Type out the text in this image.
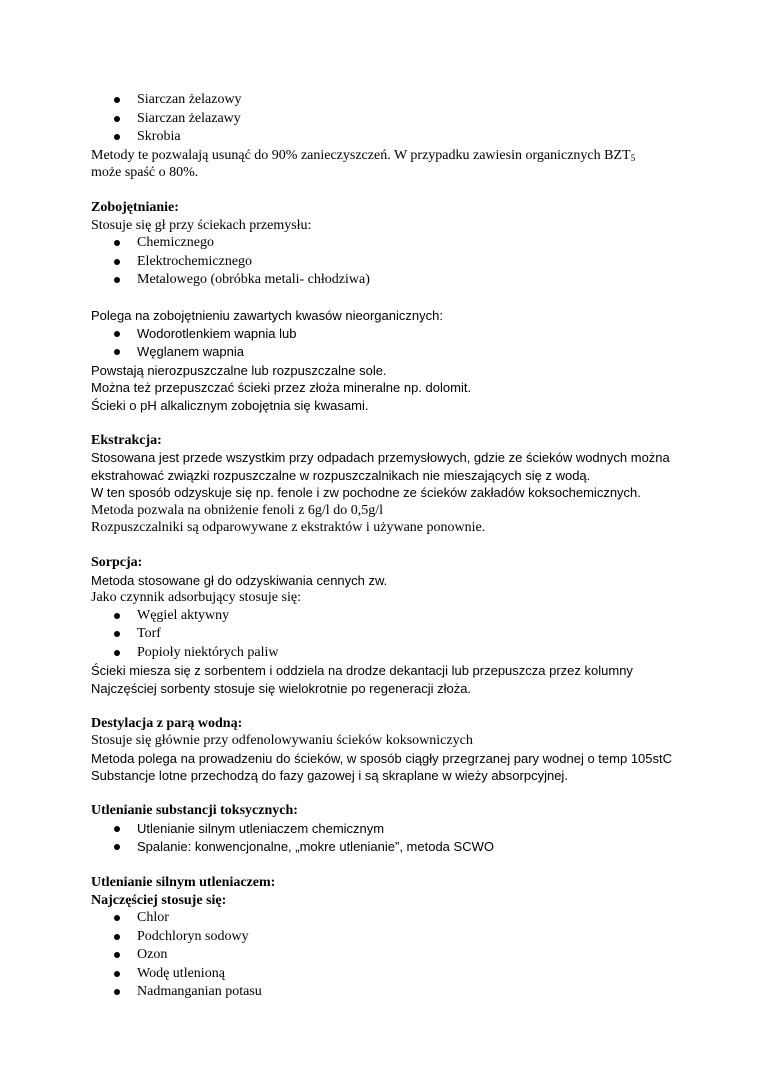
Siarczan żelazowy
Siarczan żelazawy
Skrobia
Metody te pozwalają usunąć do 90% zanieczyszczeń. W przypadku zawiesin organicznych $BZT_5$
może spaść o 80%.
Zobojętnianie:
Stosuje się gł przy ściekach przemysłu:
Chemicznego
Elektrochemicznego
Metalowego (obróbka metali- chłodziwa)
Polega na zobojętnieniu zawartych kwasów nieorganicznych:
Wodorotlenkiem wapnia lub
Węglanem wapnia
Powstają nierozpuszczalne lub rozpuszczalne sole.
Można też przepuszczać ścieki przez złoża mineralne np. dolomit.
Ścieki o pH alkalicznym zobojętnia się kwasami.
Ekstrakcja:
Stosowana jest przede wszystkim przy odpadach przemysłowych, gdzie ze ścieków wodnych można
ekstrahować związki rozpuszczalne w rozpuszczalnikach nie mieszających się z wodą.
W ten sposób odzyskuje się np. fenole i zw pochodne ze ścieków zakładów koksochemicznych.
Metoda pozwala na obniżenie fenoli z 6g/l do 0,5g/l
Rozpuszczalniki są odparowywane z ekstraktów i używane ponownie.
Sorpcja:
Metoda stosowane gł do odzyskiwania cennych zw.
Jako czynnik adsorbujący stosuje się:
Węgiel aktywny
Torf
Popioły niektórych paliw
Ścieki miesza się z sorbentem i oddziela na drodze dekantacji lub przepuszcza przez kolumny
Najczęściej sorbenty stosuje się wielokrotnie po regeneracji złoża.
Destylacja z parą wodną:
Stosuje się głównie przy odfenolowywaniu ścieków koksowniczych
Metoda polega na prowadzeniu do ścieków, w sposób ciągły przegrzanej pary wodnej o temp 105stC
Substancje lotne przechodzą do fazy gazowej i są skraplane w wieży absorpcyjnej.
Utlenianie substancji toksycznych:
Utlenianie silnym utleniaczem chemicznym
Spalanie: konwencjonalne, „mokre utlenianie”, metoda SCWO
Utlenianie silnym utleniaczem:
Najczęściej stosuje się:
Chlor
Podchloryn sodowy
Ozon
Wodę utlenioną
Nadmanganian potasu
